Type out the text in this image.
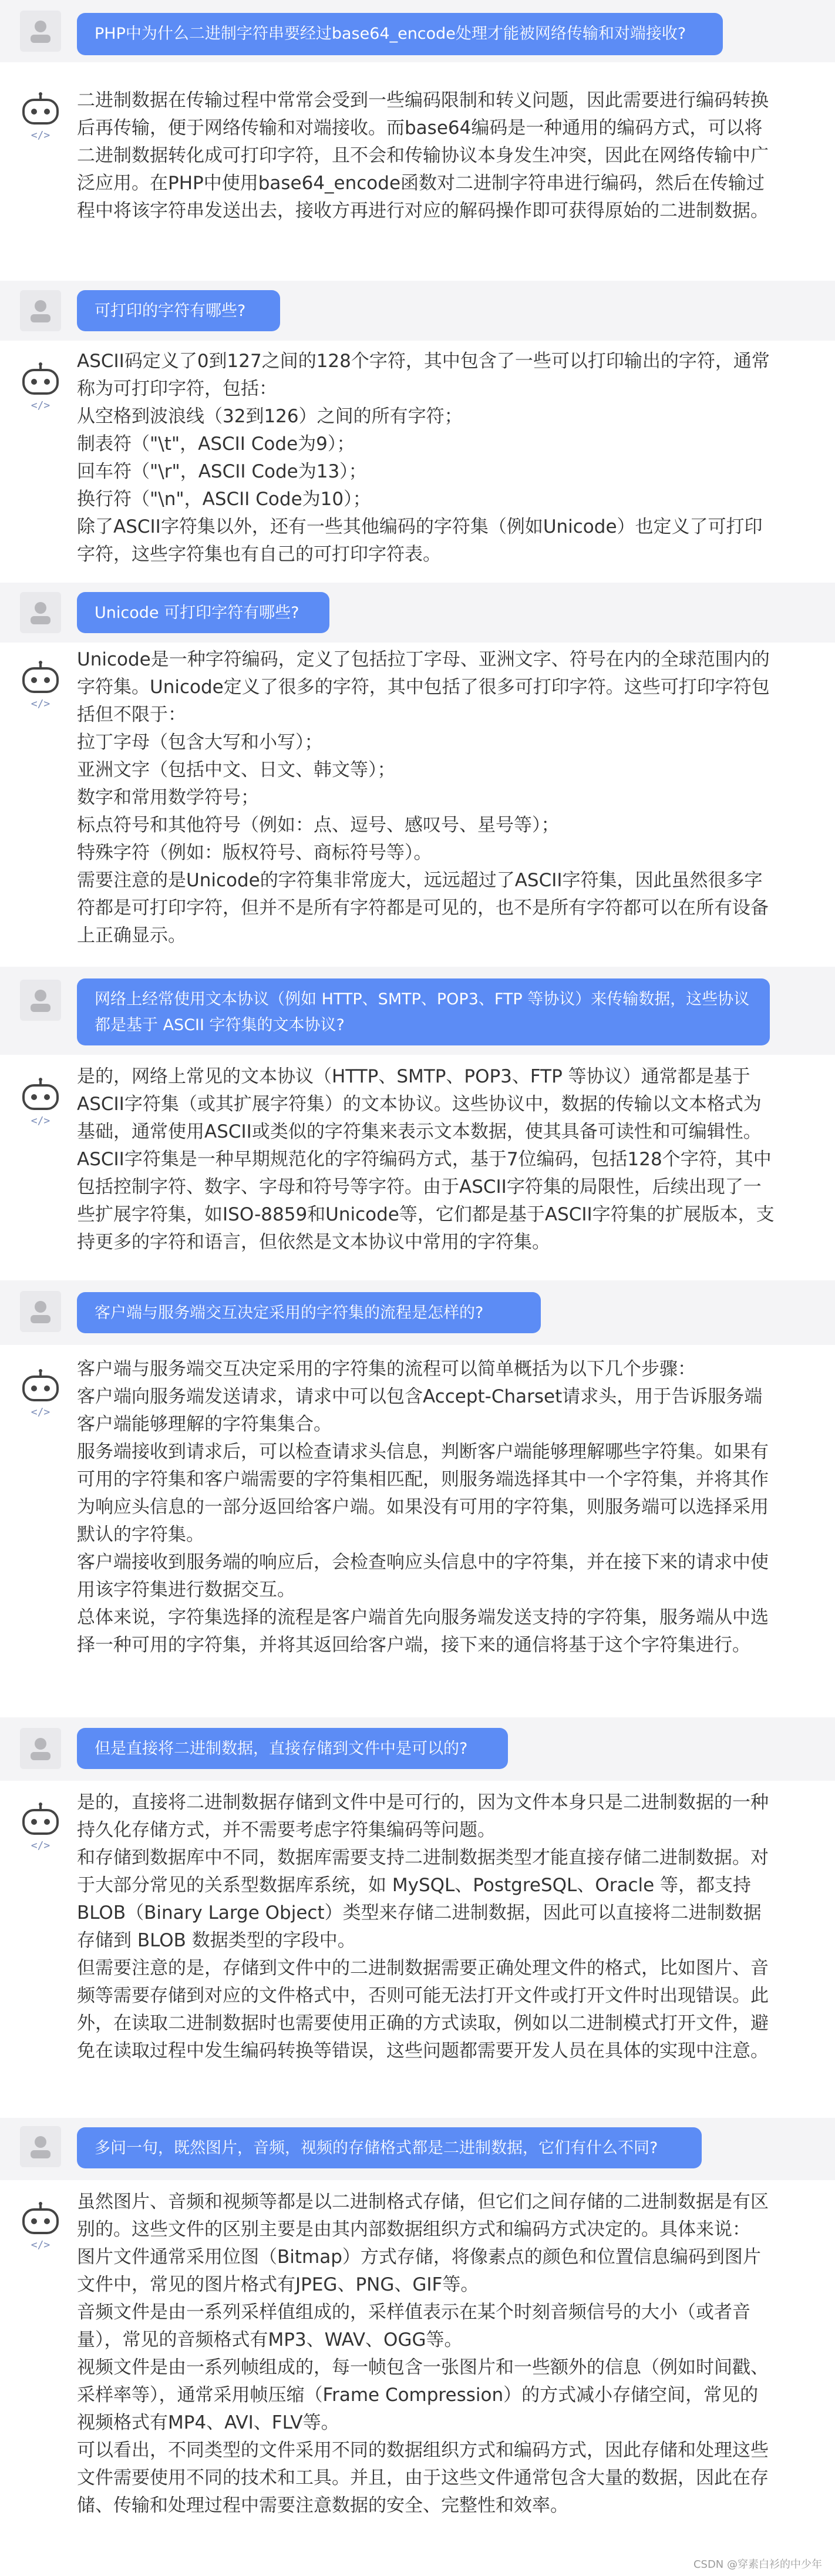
PHP中为什么二进制字符串要经过base64_encode处理才能被网络传输和对端接收?
</>

二进制数据在传输过程中常常会受到一些编码限制和转义问题，因此需要进行编码转换后再传输，便于网络传输和对端接收。而base64编码是一种通用的编码方式，可以将二进制数据转化成可打印字符，且不会和传输协议本身发生冲突，因此在网络传输中广泛应用。在PHP中使用base64_encode函数对二进制字符串进行编码，然后在传输过程中将该字符串发送出去，接收方再进行对应的解码操作即可获得原始的二进制数据。

可打印的字符有哪些?
</>

ASCII码定义了0到127之间的128个字符，其中包含了一些可以打印输出的字符，通常称为可打印字符，包括：

从空格到波浪线（32到126）之间的所有字符；

制表符（"\t"，ASCII Code为9）；

回车符（"\r"，ASCII Code为13）；

换行符（"\n"，ASCII Code为10）；

除了ASCII字符集以外，还有一些其他编码的字符集（例如Unicode）也定义了可打印字符，这些字符集也有自己的可打印字符表。

Unicode 可打印字符有哪些?
</>

Unicode是一种字符编码，定义了包括拉丁字母、亚洲文字、符号在内的全球范围内的字符集。Unicode定义了很多的字符，其中包括了很多可打印字符。这些可打印字符包括但不限于：

拉丁字母（包含大写和小写）；

亚洲文字（包括中文、日文、韩文等）；

数字和常用数学符号；

标点符号和其他符号（例如：点、逗号、感叹号、星号等）；

特殊字符（例如：版权符号、商标符号等）。

需要注意的是Unicode的字符集非常庞大，远远超过了ASCII字符集，因此虽然很多字符都是可打印字符，但并不是所有字符都是可见的，也不是所有字符都可以在所有设备上正确显示。

网络上经常使用文本协议（例如 HTTP、SMTP、POP3、FTP 等协议）来传输数据，这些协议都是基于 ASCII 字符集的文本协议?
</>

是的，网络上常见的文本协议（HTTP、SMTP、POP3、FTP 等协议）通常都是基于ASCII字符集（或其扩展字符集）的文本协议。这些协议中，数据的传输以文本格式为基础，通常使用ASCII或类似的字符集来表示文本数据，使其具备可读性和可编辑性。ASCII字符集是一种早期规范化的字符编码方式，基于7位编码，包括128个字符，其中包括控制字符、数字、字母和符号等字符。由于ASCII字符集的局限性，后续出现了一些扩展字符集，如ISO-8859和Unicode等，它们都是基于ASCII字符集的扩展版本，支持更多的字符和语言，但依然是文本协议中常用的字符集。

客户端与服务端交互决定采用的字符集的流程是怎样的?
</>

客户端与服务端交互决定采用的字符集的流程可以简单概括为以下几个步骤：

客户端向服务端发送请求，请求中可以包含Accept-Charset请求头，用于告诉服务端客户端能够理解的字符集集合。

服务端接收到请求后，可以检查请求头信息，判断客户端能够理解哪些字符集。如果有可用的字符集和客户端需要的字符集相匹配，则服务端选择其中一个字符集，并将其作为响应头信息的一部分返回给客户端。如果没有可用的字符集，则服务端可以选择采用默认的字符集。

客户端接收到服务端的响应后，会检查响应头信息中的字符集，并在接下来的请求中使用该字符集进行数据交互。

总体来说，字符集选择的流程是客户端首先向服务端发送支持的字符集，服务端从中选择一种可用的字符集，并将其返回给客户端，接下来的通信将基于这个字符集进行。

但是直接将二进制数据，直接存储到文件中是可以的?
</>

是的，直接将二进制数据存储到文件中是可行的，因为文件本身只是二进制数据的一种持久化存储方式，并不需要考虑字符集编码等问题。

和存储到数据库中不同，数据库需要支持二进制数据类型才能直接存储二进制数据。对于大部分常见的关系型数据库系统，如 MySQL、PostgreSQL、Oracle 等，都支持 BLOB（Binary Large Object）类型来存储二进制数据，因此可以直接将二进制数据存储到 BLOB 数据类型的字段中。

但需要注意的是，存储到文件中的二进制数据需要正确处理文件的格式，比如图片、音频等需要存储到对应的文件格式中，否则可能无法打开文件或打开文件时出现错误。此外，在读取二进制数据时也需要使用正确的方式读取，例如以二进制模式打开文件，避免在读取过程中发生编码转换等错误，这些问题都需要开发人员在具体的实现中注意。

多问一句，既然图片，音频，视频的存储格式都是二进制数据，它们有什么不同?
</>

虽然图片、音频和视频等都是以二进制格式存储，但它们之间存储的二进制数据是有区别的。这些文件的区别主要是由其内部数据组织方式和编码方式决定的。具体来说：

图片文件通常采用位图（Bitmap）方式存储，将像素点的颜色和位置信息编码到图片文件中，常见的图片格式有JPEG、PNG、GIF等。

音频文件是由一系列采样值组成的，采样值表示在某个时刻音频信号的大小（或者音量），常见的音频格式有MP3、WAV、OGG等。

视频文件是由一系列帧组成的，每一帧包含一张图片和一些额外的信息（例如时间戳、采样率等），通常采用帧压缩（Frame Compression）的方式减小存储空间，常见的视频格式有MP4、AVI、FLV等。

可以看出，不同类型的文件采用不同的数据组织方式和编码方式，因此存储和处理这些文件需要使用不同的技术和工具。并且，由于这些文件通常包含大量的数据，因此在存储、传输和处理过程中需要注意数据的安全、完整性和效率。

CSDN @穿素白衫的中少年
